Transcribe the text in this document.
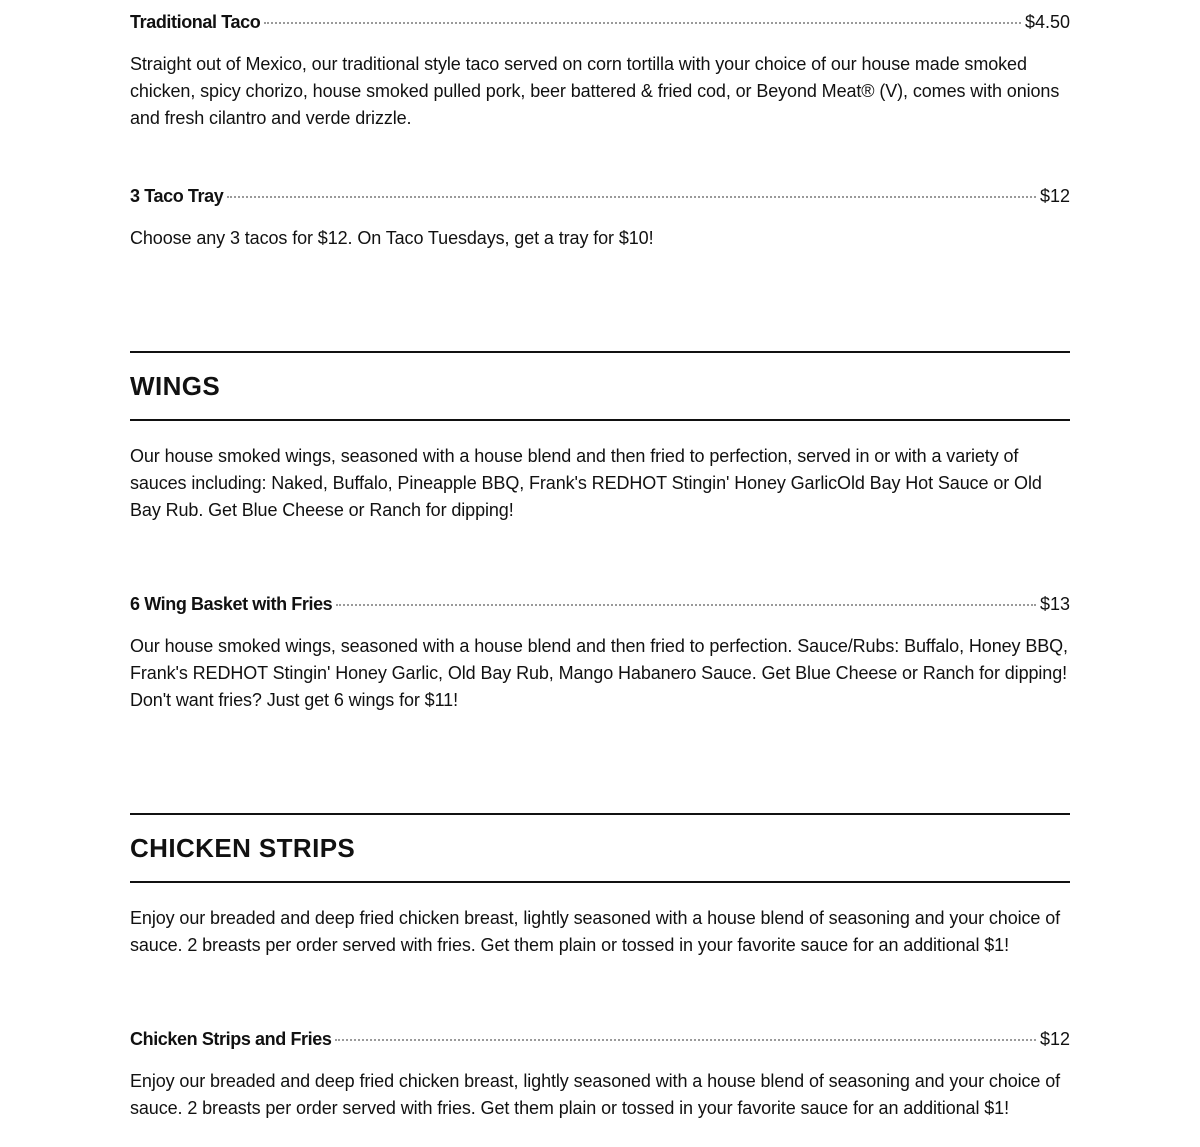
Traditional Taco	$4.50
Straight out of Mexico, our traditional style taco served on corn tortilla with your choice of our house made smoked chicken, spicy chorizo, house smoked pulled pork, beer battered & fried cod, or Beyond Meat® (V), comes with onions and fresh cilantro and verde drizzle.
3 Taco Tray	$12
Choose any 3 tacos for $12. On Taco Tuesdays, get a tray for $10!
WINGS
Our house smoked wings, seasoned with a house blend and then fried to perfection, served in or with a variety of sauces including: Naked, Buffalo, Pineapple BBQ, Frank's REDHOT Stingin' Honey GarlicOld Bay Hot Sauce or Old Bay Rub. Get Blue Cheese or Ranch for dipping!
6 Wing Basket with Fries	$13
Our house smoked wings, seasoned with a house blend and then fried to perfection. Sauce/Rubs: Buffalo, Honey BBQ, Frank's REDHOT Stingin' Honey Garlic, Old Bay Rub, Mango Habanero Sauce. Get Blue Cheese or Ranch for dipping! Don't want fries? Just get 6 wings for $11!
CHICKEN STRIPS
Enjoy our breaded and deep fried chicken breast, lightly seasoned with a house blend of seasoning and your choice of sauce. 2 breasts per order served with fries. Get them plain or tossed in your favorite sauce for an additional $1!
Chicken Strips and Fries	$12
Enjoy our breaded and deep fried chicken breast, lightly seasoned with a house blend of seasoning and your choice of sauce. 2 breasts per order served with fries. Get them plain or tossed in your favorite sauce for an additional $1!
